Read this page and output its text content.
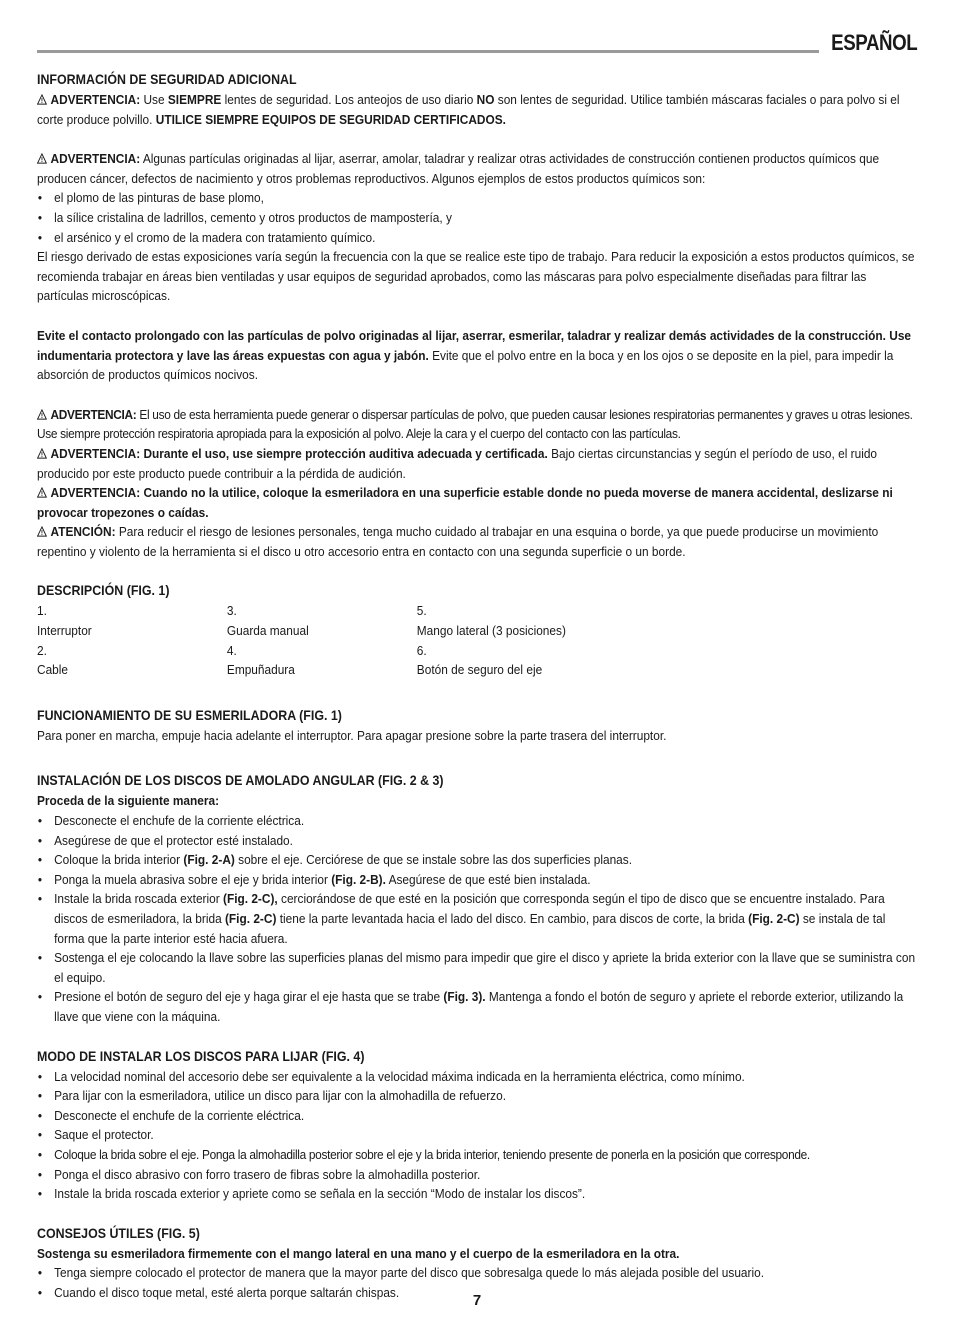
ESPAÑOL
INFORMACIÓN DE SEGURIDAD ADICIONAL

ADVERTENCIA: Use SIEMPRE lentes de seguridad. Los anteojos de uso diario NO son lentes de seguridad. Utilice también máscaras faciales o para polvo si el corte produce polvillo. UTILICE SIEMPRE EQUIPOS DE SEGURIDAD CERTIFICADOS.

ADVERTENCIA: Algunas partículas originadas al lijar, aserrar, amolar, taladrar y realizar otras actividades de construcción contienen productos químicos que producen cáncer, defectos de nacimiento y otros problemas reproductivos. Algunos ejemplos de estos productos químicos son:

• el plomo de las pinturas de base plomo,
• la sílice cristalina de ladrillos, cemento y otros productos de mampostería, y
• el arsénico y el cromo de la madera con tratamiento químico.

El riesgo derivado de estas exposiciones varía según la frecuencia con la que se realice este tipo de trabajo. Para reducir la exposición a estos productos químicos, se recomienda trabajar en áreas bien ventiladas y usar equipos de seguridad aprobados, como las máscaras para polvo especialmente diseñadas para filtrar las partículas microscópicas.

Evite el contacto prolongado con las partículas de polvo originadas al lijar, aserrar, esmerilar, taladrar y realizar demás actividades de la construcción. Use indumentaria protectora y lave las áreas expuestas con agua y jabón. Evite que el polvo entre en la boca y en los ojos o se deposite en la piel, para impedir la absorción de productos químicos nocivos.

ADVERTENCIA: El uso de esta herramienta puede generar o dispersar partículas de polvo, que pueden causar lesiones respiratorias permanentes y graves u otras lesiones. Use siempre protección respiratoria apropiada para la exposición al polvo. Aleje la cara y el cuerpo del contacto con las partículas.

ADVERTENCIA: Durante el uso, use siempre protección auditiva adecuada y certificada. Bajo ciertas circunstancias y según el período de uso, el ruido producido por este producto puede contribuir a la pérdida de audición.

ADVERTENCIA: Cuando no la utilice, coloque la esmeriladora en una superficie estable donde no pueda moverse de manera accidental, deslizarse ni provocar tropezones o caídas.

ATENCIÓN: Para reducir el riesgo de lesiones personales, tenga mucho cuidado al trabajar en una esquina o borde, ya que puede producirse un movimiento repentino y violento de la herramienta si el disco u otro accesorio entra en contacto con una segunda superficie o un borde.

DESCRIPCIÓN (FIG. 1)
1.
Interruptor
3.
Guarda manual
5.
Mango lateral (3 posiciones)
2.
Cable
4.
Empuñadura
6.
Botón de seguro del eje
FUNCIONAMIENTO DE SU ESMERILADORA (FIG. 1)

Para poner en marcha, empuje hacia adelante el interruptor. Para apagar presione sobre la parte trasera del interruptor.

INSTALACIÓN DE LOS DISCOS DE AMOLADO ANGULAR (FIG. 2 & 3)

Proceda de la siguiente manera:

• Desconecte el enchufe de la corriente eléctrica.
• Asegúrese de que el protector esté instalado.
• Coloque la brida interior (Fig. 2-A) sobre el eje. Cerciórese de que se instale sobre las dos superficies planas.
• Ponga la muela abrasiva sobre el eje y brida interior (Fig. 2-B). Asegúrese de que esté bien instalada.
• Instale la brida roscada exterior (Fig. 2-C), cerciorándose de que esté en la posición que corresponda según el tipo de disco que se encuentre instalado. Para discos de esmeriladora, la brida (Fig. 2-C) tiene la parte levantada hacia el lado del disco. En cambio, para discos de corte, la brida (Fig. 2-C) se instala de tal forma que la parte interior esté hacia afuera.
• Sostenga el eje colocando la llave sobre las superficies planas del mismo para impedir que gire el disco y apriete la brida exterior con la llave que se suministra con el equipo.
• Presione el botón de seguro del eje y haga girar el eje hasta que se trabe (Fig. 3). Mantenga a fondo el botón de seguro y apriete el reborde exterior, utilizando la llave que viene con la máquina.
MODO DE INSTALAR LOS DISCOS PARA LIJAR (FIG. 4)
• La velocidad nominal del accesorio debe ser equivalente a la velocidad máxima indicada en la herramienta eléctrica, como mínimo.
• Para lijar con la esmeriladora, utilice un disco para lijar con la almohadilla de refuerzo.
• Desconecte el enchufe de la corriente eléctrica.
• Saque el protector.
• Coloque la brida sobre el eje. Ponga la almohadilla posterior sobre el eje y la brida interior, teniendo presente de ponerla en la posición que corresponde.
• Ponga el disco abrasivo con forro trasero de fibras sobre la almohadilla posterior.
• Instale la brida roscada exterior y apriete como se señala en la sección “Modo de instalar los discos”.
CONSEJOS ÚTILES (FIG. 5)

Sostenga su esmeriladora firmemente con el mango lateral en una mano y el cuerpo de la esmeriladora en la otra.

• Tenga siempre colocado el protector de manera que la mayor parte del disco que sobresalga quede lo más alejada posible del usuario.
• Cuando el disco toque metal, esté alerta porque saltarán chispas.	7
